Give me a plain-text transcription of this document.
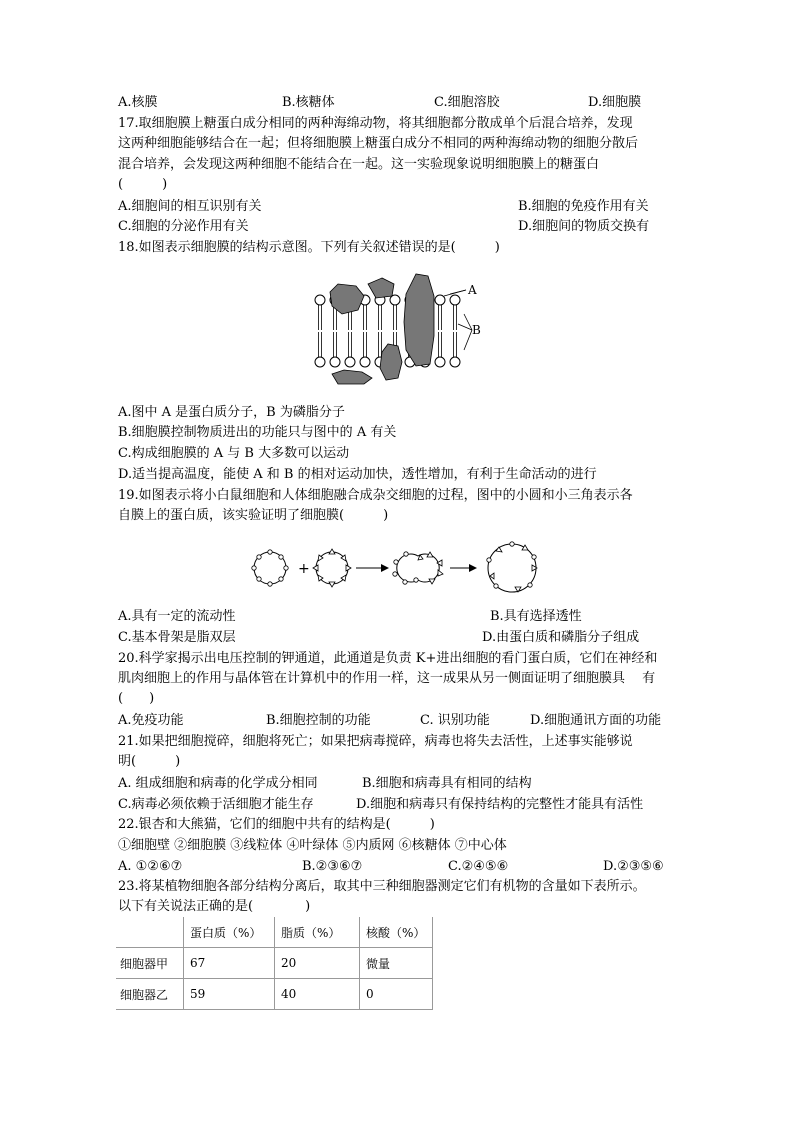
A.核膜	B.核糖体	C.细胞溶胶	D.细胞膜
17.取细胞膜上糖蛋白成分相同的两种海绵动物，将其细胞都分散成单个后混合培养，发现
这两种细胞能够结合在一起；但将细胞膜上糖蛋白成分不相同的两种海绵动物的细胞分散后
混合培养，会发现这两种细胞不能结合在一起。这一实验现象说明细胞膜上的糖蛋白
(　　　)
A.细胞间的相互识别有关	B.细胞的免疫作用有关
C.细胞的分泌作用有关	D.细胞间的物质交换有
18.如图表示细胞膜的结构示意图。下列有关叙述错误的是(　　　)
A
B
A.图中 A 是蛋白质分子，B 为磷脂分子
B.细胞膜控制物质进出的功能只与图中的 A 有关
C.构成细胞膜的 A 与 B 大多数可以运动
D.适当提高温度，能使 A 和 B 的相对运动加快，透性增加，有利于生命活动的进行
19.如图表示将小白鼠细胞和人体细胞融合成杂交细胞的过程，图中的小圆和小三角表示各
自膜上的蛋白质，该实验证明了细胞膜(　　　)
+
A.具有一定的流动性	B.具有选择透性
C.基本骨架是脂双层	D.由蛋白质和磷脂分子组成
20.科学家揭示出电压控制的钾通道，此通道是负责 K+进出细胞的看门蛋白质，它们在神经和
肌肉细胞上的作用与晶体管在计算机中的作用一样，这一成果从另一侧面证明了细胞膜具　 有
(　　)
A.免疫功能	B.细胞控制的功能	C. 识别功能	D.细胞通讯方面的功能
21.如果把细胞搅碎，细胞将死亡；如果把病毒搅碎，病毒也将失去活性，上述事实能够说
明(　　　)
A. 组成细胞和病毒的化学成分相同	B.细胞和病毒具有相同的结构
C.病毒必须依赖于活细胞才能生存	D.细胞和病毒只有保持结构的完整性才能具有活性
22.银杏和大熊猫，它们的细胞中共有的结构是(　　　)
①细胞壁 ②细胞膜 ③线粒体 ④叶绿体 ⑤内质网 ⑥核糖体 ⑦中心体
A. ①②⑥⑦	B.②③⑥⑦	C.②④⑤⑥	D.②③⑤⑥
23.将某植物细胞各部分结构分离后，取其中三种细胞器测定它们有机物的含量如下表所示。
以下有关说法正确的是(　　　　)
	蛋白质（%）	脂质（%）	核酸（%）
细胞器甲	67	20	微量
细胞器乙	59	40	0
